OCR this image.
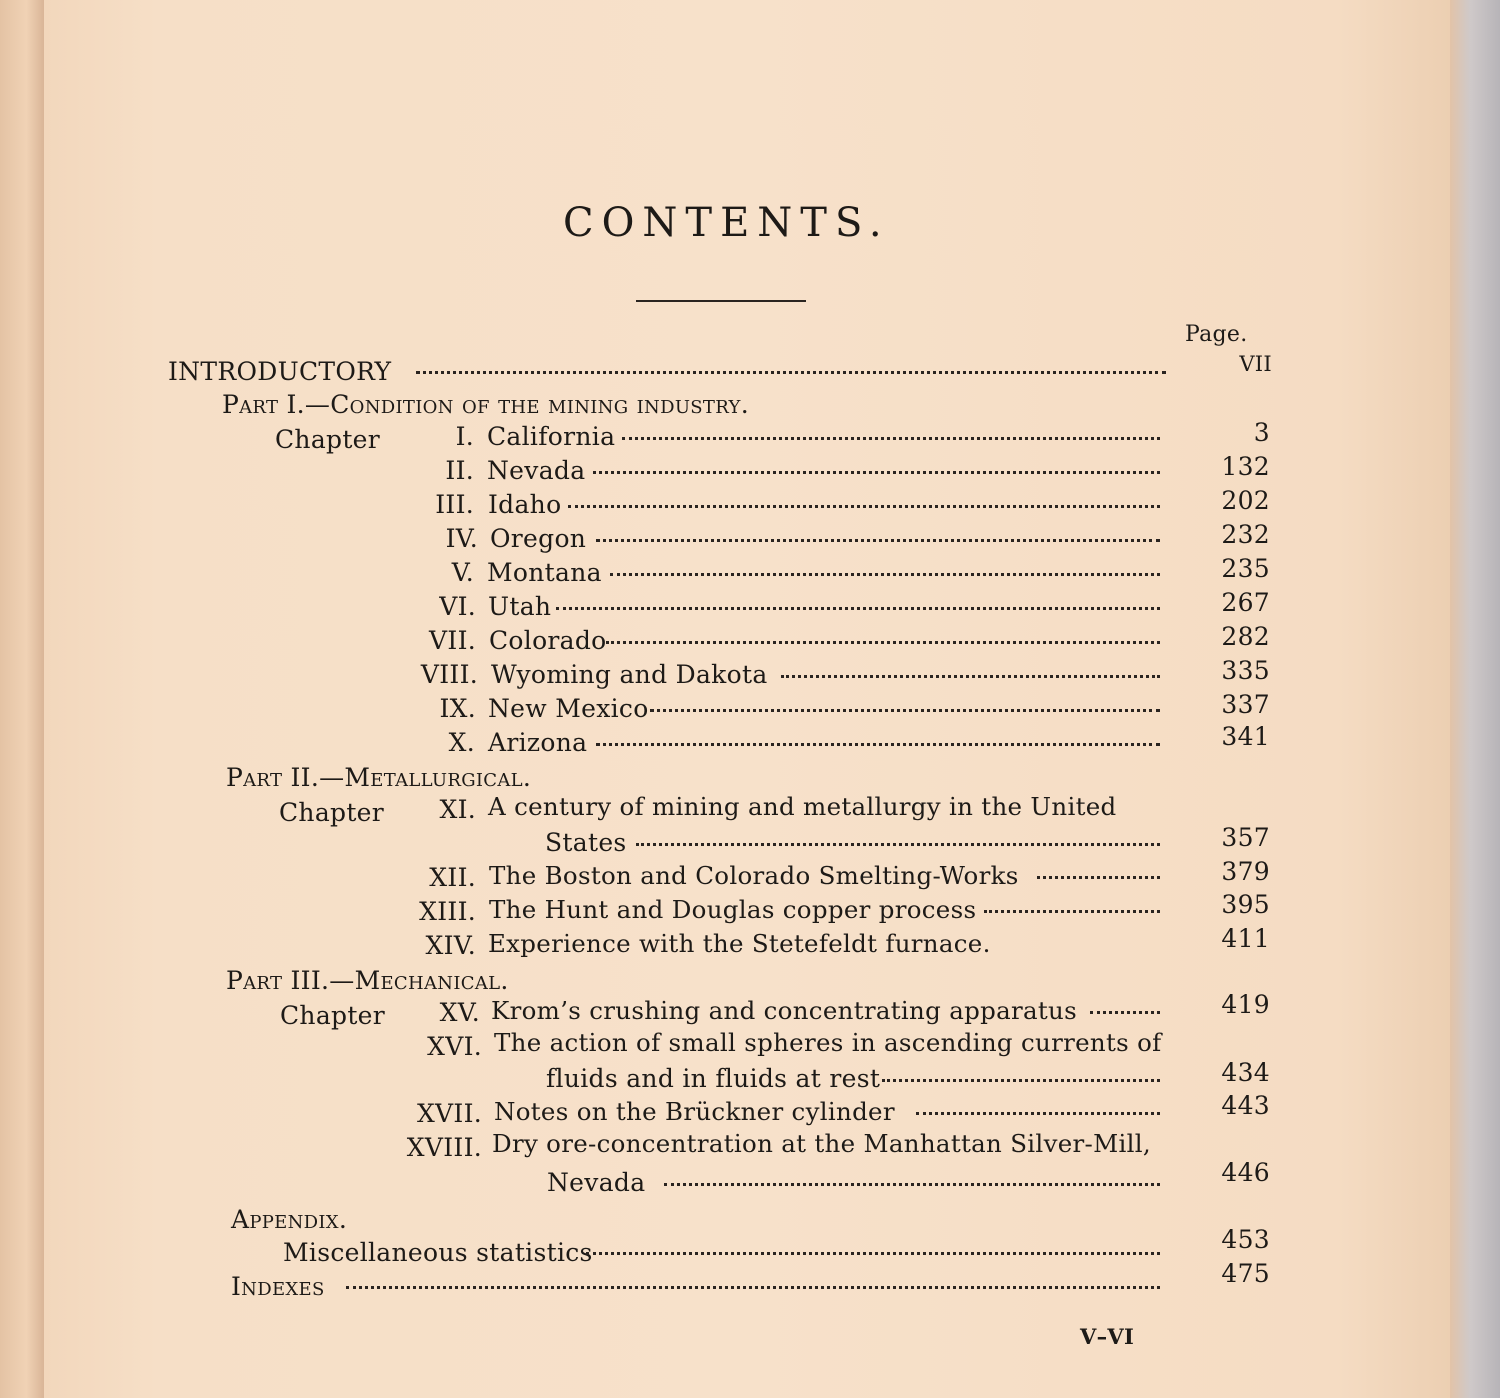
CONTENTS.
Page.
INTRODUCTORY	VII
Part I.—Condition of the mining industry.
Chapter	I. California	3
II. Nevada	132
III. Idaho	202
IV. Oregon	232
V. Montana	235
VI. Utah	267
VII. Colorado	282
VIII. Wyoming and Dakota	335
IX. New Mexico	337
X. Arizona	341
Part II.—Metallurgical.
Chapter	XI. A century of mining and metallurgy in the United
States	357
XII. The Boston and Colorado Smelting-Works	379
XIII. The Hunt and Douglas copper process	395
XIV. Experience with the Stetefeldt furnace.	411
Part III.—Mechanical.
Chapter	XV. Krom’s crushing and concentrating apparatus	419
XVI. The action of small spheres in ascending currents of
fluids and in fluids at rest	434
XVII. Notes on the Brückner cylinder	443
XVIII. Dry ore-concentration at the Manhattan Silver-Mill,
Nevada	446
Appendix.
Miscellaneous statistics	453
Indexes	475
V–VI
